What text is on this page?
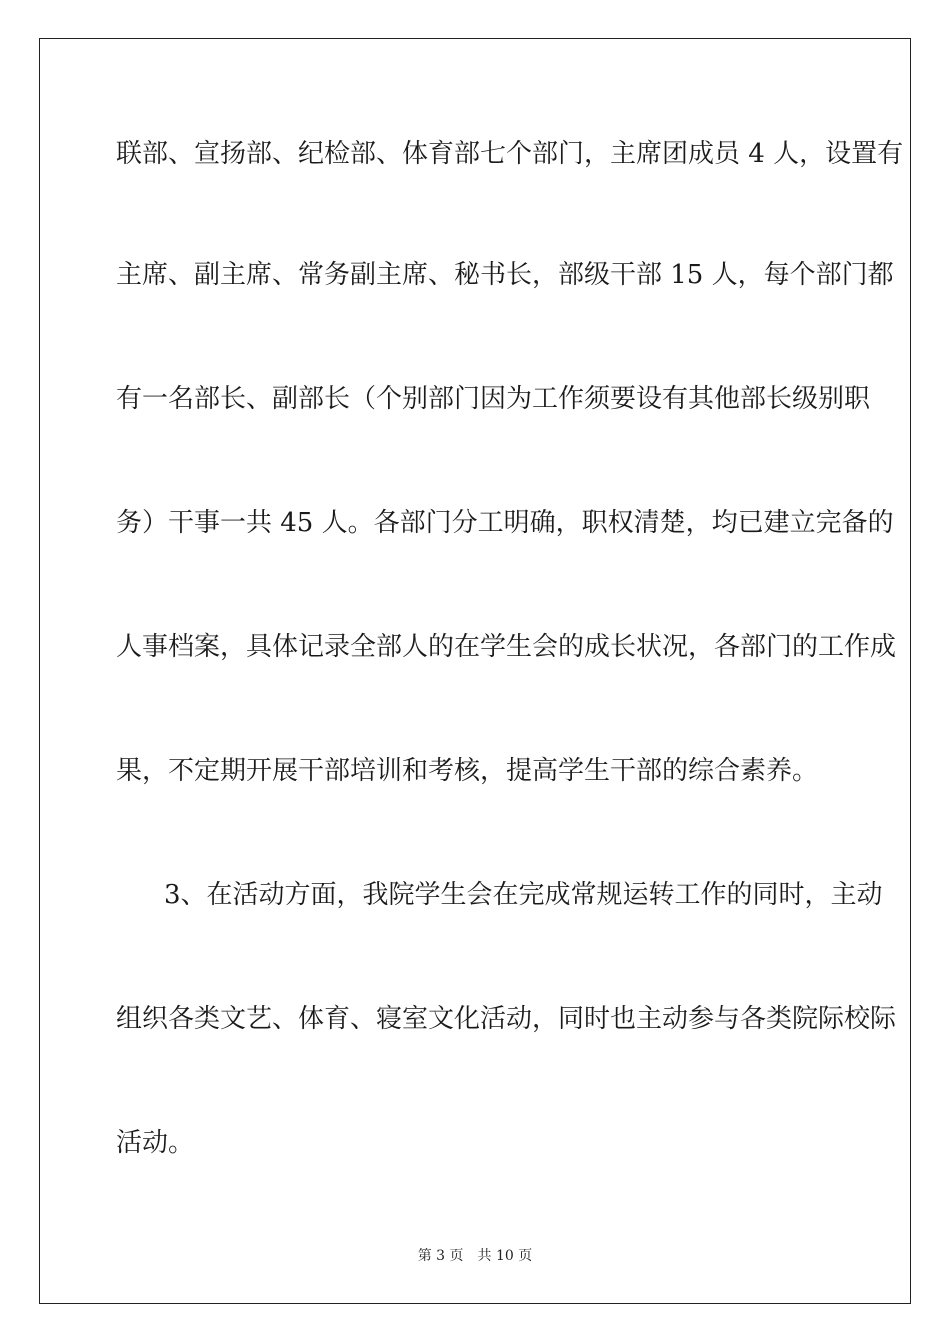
联部、宣扬部、纪检部、体育部七个部门，主席团成员 4 人，设置有
主席、副主席、常务副主席、秘书长，部级干部 15 人，每个部门都
有一名部长、副部长（个别部门因为工作须要设有其他部长级别职
务）干事一共 45 人。各部门分工明确，职权清楚，均已建立完备的
人事档案，具体记录全部人的在学生会的成长状况，各部门的工作成
果，不定期开展干部培训和考核，提高学生干部的综合素养。
3、在活动方面，我院学生会在完成常规运转工作的同时，主动
组织各类文艺、体育、寝室文化活动，同时也主动参与各类院际校际
活动。
第 3 页 共 10 页
